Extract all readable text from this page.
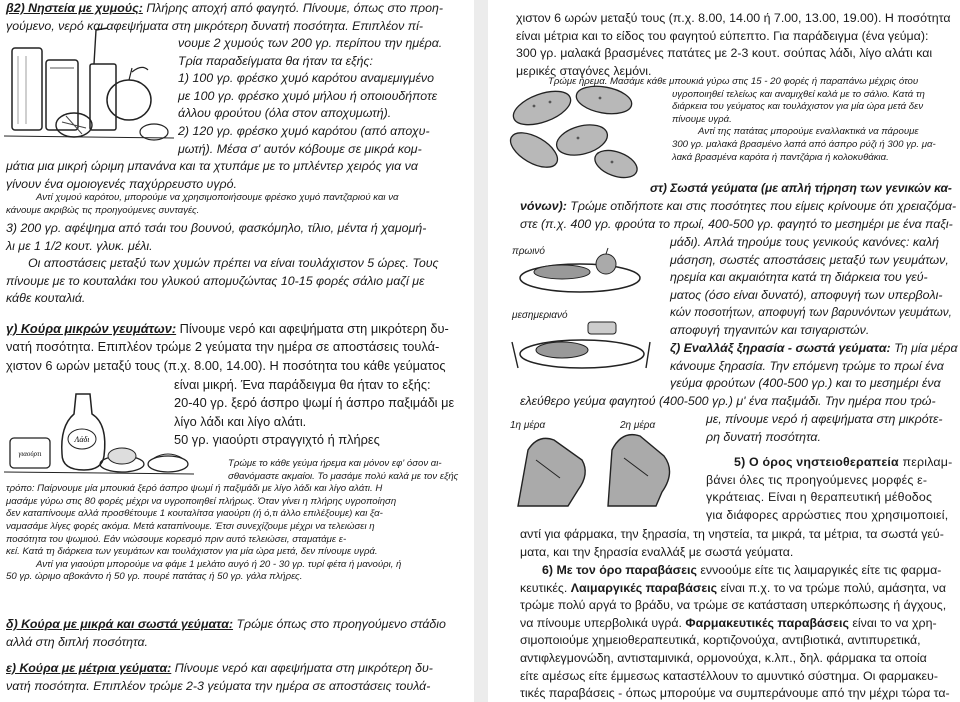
Λάδι
γιαούρτι
β2) Νηστεία με χυμούς: Πλήρης αποχή από φαγητό. Πίνουμε, όπως στο προη-
γούμενο, νερό και αφεψήματα στη μικρότερη δυνατή ποσότητα. Επιπλέον πί-
νουμε 2 χυμούς των 200 γρ. περίπου την ημέρα.
Τρία παραδείγματα θα ήταν τα εξής:
1) 100 γρ. φρέσκο χυμό καρότου αναμεμιγμένο
με 100 γρ. φρέσκο χυμό μήλου ή οποιουδήποτε
άλλου φρούτου (όλα στον αποχυμωτή).
2) 120 γρ. φρέσκο χυμό καρότου (από αποχυ-
μωτή). Μέσα σ' αυτόν κόβουμε σε μικρά κομ-
μάτια μια μικρή ώριμη μπανάνα και τα χτυπάμε με το μπλέντερ χειρός για να
γίνουν ένα ομοιογενές παχύρρευστο υγρό.
Αντί χυμού καρότου, μπορούμε να χρησιμοποιήσουμε φρέσκο χυμό παντζαριού και να
κάνουμε ακριβώς τις προηγούμενες συνταγές.
3) 200 γρ. αφέψημα από τσάι του βουνού, φασκόμηλο, τίλιο, μέντα ή χαμομή-
λι με 1 1/2 κουτ. γλυκ. μέλι.
Οι αποστάσεις μεταξύ των χυμών πρέπει να είναι τουλάχιστον 5 ώρες. Τους
πίνουμε με το κουταλάκι του γλυκού απομυζώντας 10-15 φορές σάλιο μαζί με
κάθε κουταλιά.
γ) Κούρα μικρών γευμάτων: Πίνουμε νερό και αφεψήματα στη μικρότερη δυ-
νατή ποσότητα. Επιπλέον τρώμε 2 γεύματα την ημέρα σε αποστάσεις τουλά-
χιστον 6 ωρών μεταξύ τους (π.χ. 8.00, 14.00). Η ποσότητα του κάθε γεύματος
είναι μικρή. Ένα παράδειγμα θα ήταν το εξής:
20-40 γρ. ξερό άσπρο ψωμί ή άσπρο παξιμάδι με
λίγο λάδι και λίγο αλάτι.
50 γρ. γιαούρτι στραγγιχτό ή πλήρες
Τρώμε το κάθε γεύμα ήρεμα και μόνον εφ' όσον αι-
σθανόμαστε ακμαίοι. Το μασάμε πολύ καλά με τον εξής
τρόπο: Παίρνουμε μία μπουκιά ξερό άσπρο ψωμί ή παξιμάδι με λίγο λάδι και λίγο αλάτι. Η
μασάμε γύρω στις 80 φορές μέχρι να υγροποιηθεί πλήρως. Όταν γίνει η πλήρης υγροποίηση
δεν καταπίνουμε αλλά προσθέτουμε 1 κουταλίτσα γιαούρτι (ή ό,τι άλλο επιλέξουμε) και ξα-
ναμασάμε λίγες φορές ακόμα. Μετά καταπίνουμε. Έτσι συνεχίζουμε μέχρι να τελειώσει η
ποσότητα του ψωμιού. Εάν νιώσουμε κορεσμό πριν αυτό τελειώσει, σταματάμε ε-
κεί. Κατά τη διάρκεια των γευμάτων και τουλάχιστον για μία ώρα μετά, δεν πίνουμε υγρά.
Αντί για γιαούρτι μπορούμε να φάμε 1 μελάτο αυγό ή 20 - 30 γρ. τυρί φέτα ή μανούρι, ή
50 γρ. ώριμο αβοκάντο ή 50 γρ. πουρέ πατάτας ή 50 γρ. γάλα πλήρες.
δ) Κούρα με μικρά και σωστά γεύματα: Τρώμε όπως στο προηγούμενο στάδιο
αλλά στη διπλή ποσότητα.
ε) Κούρα με μέτρια γεύματα: Πίνουμε νερό και αφεψήματα στη μικρότερη δυ-
νατή ποσότητα. Επιπλέον τρώμε 2-3 γεύματα την ημέρα σε αποστάσεις τουλά-
πρωινό
μεσημεριανό
1η μέρα	2η μέρα
χιστον 6 ωρών μεταξύ τους (π.χ. 8.00, 14.00 ή 7.00, 13.00, 19.00). Η ποσότητα
είναι μέτρια και το είδος του φαγητού εύπεπτο. Για παράδειγμα (ένα γεύμα):
300 γρ. μαλακά βρασμένες πατάτες με 2-3 κουτ. σούπας λάδι, λίγο αλάτι και
μερικές σταγόνες λεμόνι.
Τρώμε ήρεμα. Μασάμε κάθε μπουκιά γύρω στις 15 - 20 φορές ή παραπάνω μέχρις ότου
υγροποιηθεί τελείως και αναμιχθεί καλά με το σάλιο. Κατά τη
διάρκεια του γεύματος και τουλάχιστον για μία ώρα μετά δεν
πίνουμε υγρά.
Αντί της πατάτας μπορούμε εναλλακτικά να πάρουμε
300 γρ. μαλακά βρασμένο λαπά από άσπρο ρύζι ή 300 γρ. μα-
λακά βρασμένα καρότα ή παντζάρια ή κολοκυθάκια.
στ) Σωστά γεύματα (με απλή τήρηση των γενικών κα-
νόνων): Τρώμε οτιδήποτε και στις ποσότητες που είμεις κρίνουμε ότι χρειαζόμα-
στε (π.χ. 400 γρ. φρούτα το πρωί, 400-500 γρ. φαγητό το μεσημέρι με ένα παξι-
μάδι). Απλά τηρούμε τους γενικούς κανόνες: καλή
μάσηση, σωστές αποστάσεις μεταξύ των γευμάτων,
ηρεμία και ακμαιότητα κατά τη διάρκεια του γεύ-
ματος (όσο είναι δυνατό), αποφυγή των υπερβολι-
κών ποσοτήτων, αποφυγή των βαρυνόντων γευμάτων,
αποφυγή τηγανιτών και τσιγαριστών.
ζ) Εναλλάξ ξηρασία - σωστά γεύματα: Τη μία μέρα
κάνουμε ξηρασία. Την επόμενη τρώμε το πρωί ένα
γεύμα φρούτων (400-500 γρ.) και το μεσημέρι ένα
ελεύθερο γεύμα φαγητού (400-500 γρ.) μ' ένα παξιμάδι. Την ημέρα που τρώ-
με, πίνουμε νερό ή αφεψήματα στη μικρότε-
ρη δυνατή ποσότητα.
5) Ο όρος νηστειοθεραπεία περιλαμ-
βάνει όλες τις προηγούμενες μορφές ε-
γκράτειας. Είναι η θεραπευτική μέθοδος
για διάφορες αρρώστιες που χρησιμοποιεί,
αντί για φάρμακα, την ξηρασία, τη νηστεία, τα μικρά, τα μέτρια, τα σωστά γεύ-
ματα, και την ξηρασία εναλλάξ με σωστά γεύματα.
6) Με τον όρο παραβάσεις εννοούμε είτε τις λαιμαργικές είτε τις φαρμα-
κευτικές. Λαιμαργικές παραβάσεις είναι π.χ. το να τρώμε πολύ, αμάσητα, να
τρώμε πολύ αργά το βράδυ, να τρώμε σε κατάσταση υπερκόπωσης ή άγχους,
να πίνουμε υπερβολικά υγρά. Φαρμακευτικές παραβάσεις είναι το να χρη-
σιμοποιούμε χημειοθεραπευτικά, κορτιζονούχα, αντιβιοτικά, αντιπυρετικά,
αντιφλεγμονώδη, αντισταμινικά, ορμονούχα, κ.λπ., δηλ. φάρμακα τα οποία
είτε αμέσως είτε έμμεσως καταστέλλουν το αμυντικό σύστημα. Οι φαρμακευ-
τικές παραβάσεις - όπως μπορούμε να συμπεράνουμε από την μέχρι τώρα τα-
